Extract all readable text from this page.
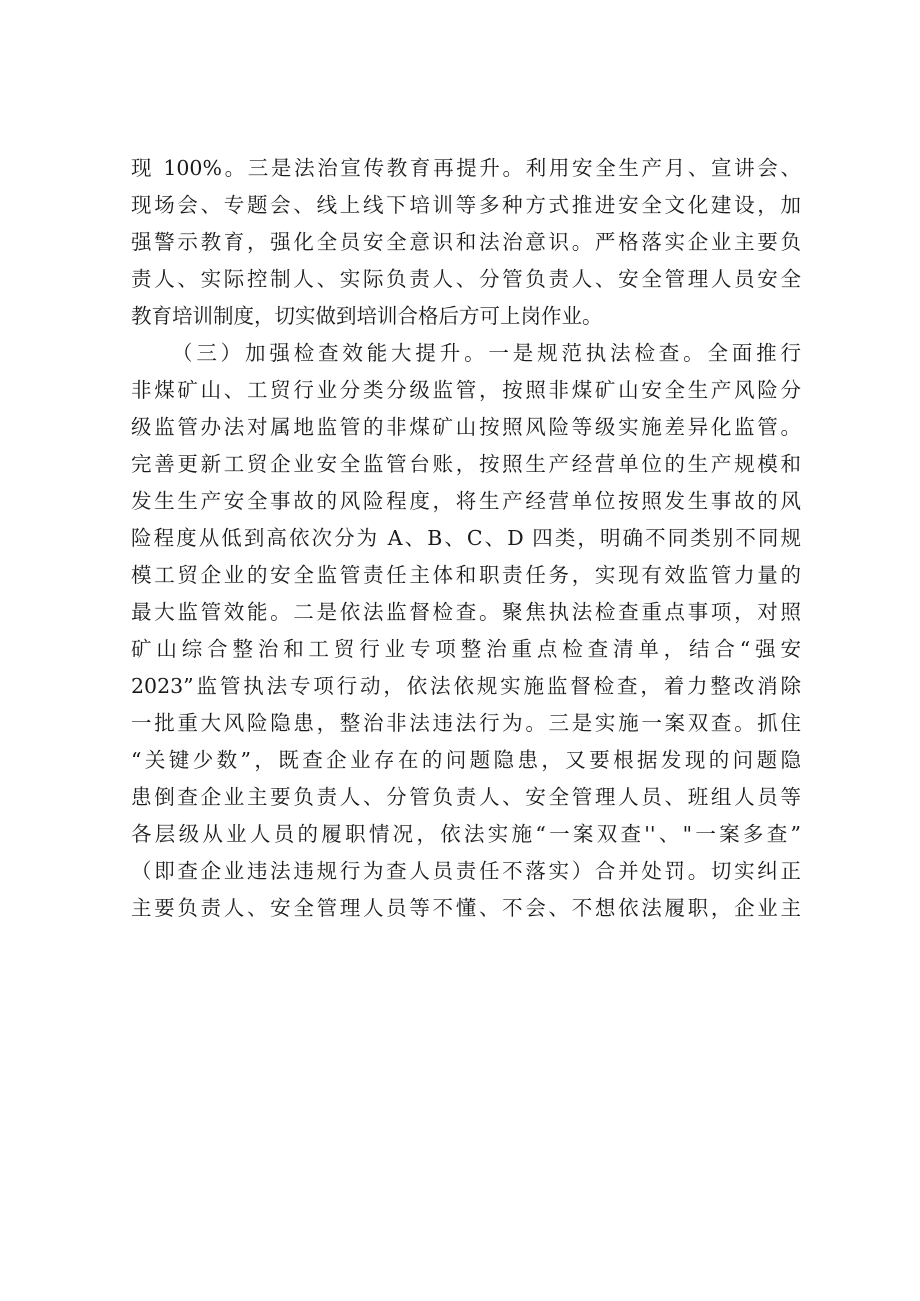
现 100%。三是法治宣传教育再提升。利用安全生产月、宣讲会、
现场会、专题会、线上线下培训等多种方式推进安全文化建设，加
强警示教育，强化全员安全意识和法治意识。严格落实企业主要负
责人、实际控制人、实际负责人、分管负责人、安全管理人员安全
教育培训制度，切实做到培训合格后方可上岗作业。
（三）加强检查效能大提升。一是规范执法检查。全面推行
非煤矿山、工贸行业分类分级监管，按照非煤矿山安全生产风险分
级监管办法对属地监管的非煤矿山按照风险等级实施差异化监管。
完善更新工贸企业安全监管台账，按照生产经营单位的生产规模和
发生生产安全事故的风险程度，将生产经营单位按照发生事故的风
险程度从低到高依次分为 A、B、C、D 四类，明确不同类别不同规
模工贸企业的安全监管责任主体和职责任务，实现有效监管力量的
最大监管效能。二是依法监督检查。聚焦执法检查重点事项，对照
矿山综合整治和工贸行业专项整治重点检查清单，结合“强安
2023”监管执法专项行动，依法依规实施监督检查，着力整改消除
一批重大风险隐患，整治非法违法行为。三是实施一案双查。抓住
“关键少数”，既查企业存在的问题隐患，又要根据发现的问题隐
患倒查企业主要负责人、分管负责人、安全管理人员、班组人员等
各层级从业人员的履职情况，依法实施“一案双查''、"一案多查”
（即查企业违法违规行为查人员责任不落实）合并处罚。切实纠正
主要负责人、安全管理人员等不懂、不会、不想依法履职，企业主
